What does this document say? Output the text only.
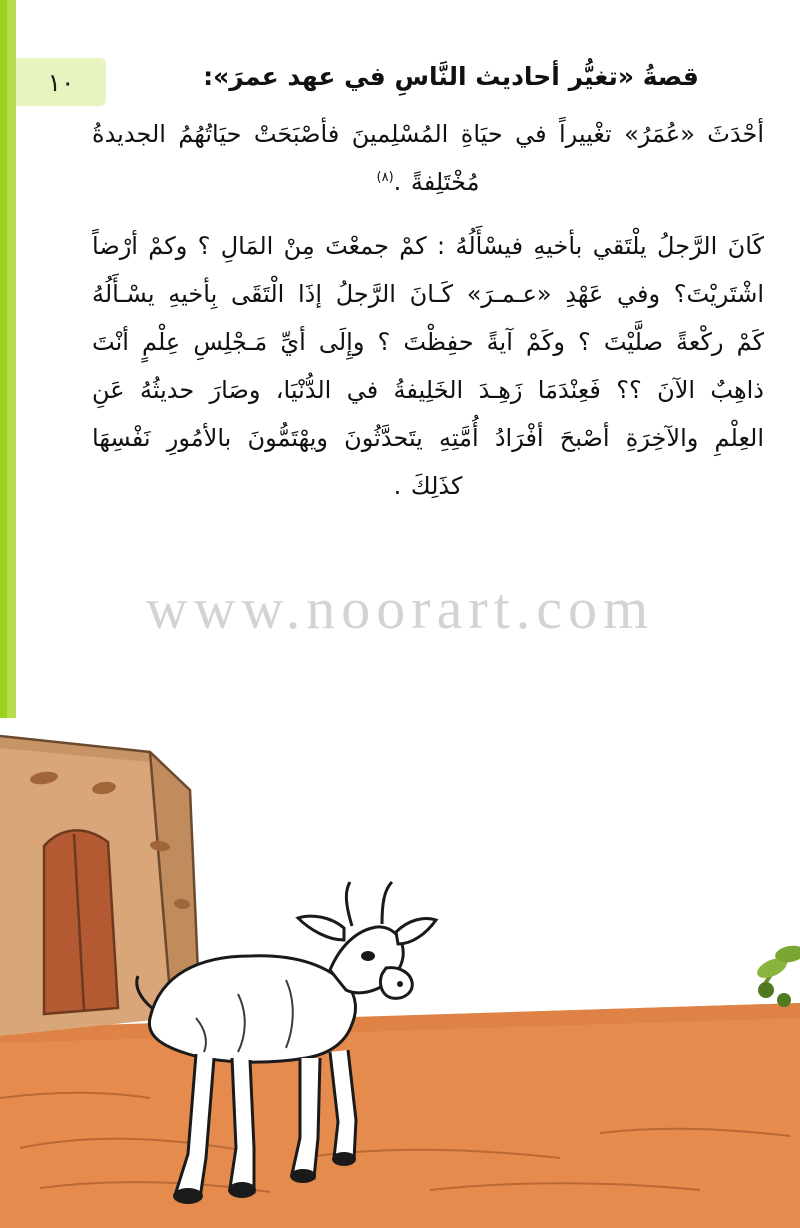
١٠	قصةُ «تغيُّر أحاديث النَّاسِ في عهد عمرَ»:

أحْدَثَ «عُمَرُ» تغْييراً في حيَاةِ المُسْلِمينَ فأصْبَحَتْ حيَاتُهُمُ الجديدةُ مُخْتَلِفةً .$^{(٨)}$

كَانَ الرَّجلُ يلْتَقي بأخيهِ فيسْأَلُهُ : كمْ جمعْتَ مِنْ المَالِ ؟ وكمْ أرْضاً اشْتَريْتَ؟ وفي عَهْدِ «عـمـرَ» كَـانَ الرَّجلُ إذَا الْتَقَى بِأخيهِ يسْـأَلُهُ كَمْ ركْعةً صلَّيْتَ ؟ وكَمْ آيةً حفِظْتَ ؟ وإِلَى أيِّ مَـجْلِسِ عِلْمٍ أنْتَ ذاهِبٌ الآنَ ؟؟ فَعِنْدَمَا زَهِـدَ الخَلِيفةُ في الدُّنْيَا، وصَارَ حديثُهُ عَنِ العِلْمِ والآخِرَةِ أصْبحَ أفْرَادُ أُمَّتِهِ يتَحدَّثُونَ ويهْتَمُّونَ بالأمُورِ نَفْسِهَا كذَلِكَ .

www.noorart.com
